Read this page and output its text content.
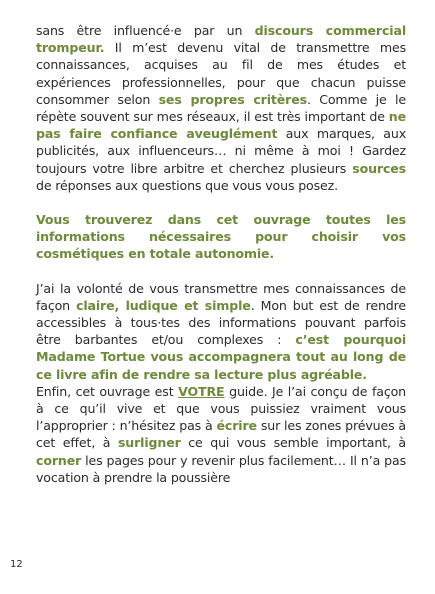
sans être influencé·e par un discours commercial trompeur. Il m’est devenu vital de transmettre mes connaissances, acquises au fil de mes études et expériences professionnelles, pour que chacun puisse consommer selon ses propres critères. Comme je le répète souvent sur mes réseaux, il est très important de ne pas faire confiance aveuglément aux marques, aux publicités, aux influenceurs… ni même à moi ! Gardez toujours votre libre arbitre et cherchez plusieurs sources de réponses aux questions que vous vous posez.

Vous trouverez dans cet ouvrage toutes les informations nécessaires pour choisir vos cosmétiques en totale autonomie.

J’ai la volonté de vous transmettre mes connaissances de façon claire, ludique et simple. Mon but est de rendre accessibles à tous·tes des informations pouvant parfois être barbantes et/ou complexes : c’est pourquoi Madame Tortue vous accompagnera tout au long de ce livre afin de rendre sa lecture plus agréable.

Enfin, cet ouvrage est VOTRE guide. Je l’ai conçu de façon à ce qu’il vive et que vous puissiez vraiment vous l’approprier : n’hésitez pas à écrire sur les zones prévues à cet effet, à surligner ce qui vous semble important, à corner les pages pour y revenir plus facilement… Il n’a pas vocation à prendre la poussière

12
